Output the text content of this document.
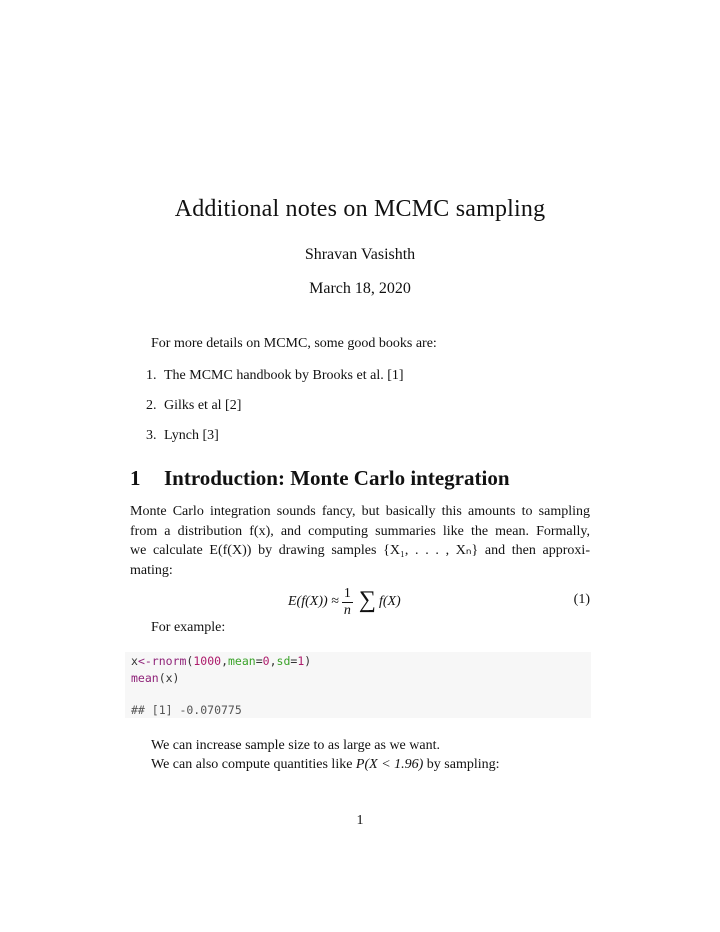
Additional notes on MCMC sampling
Shravan Vasishth
March 18, 2020
For more details on MCMC, some good books are:
1. The MCMC handbook by Brooks et al. [1]
2. Gilks et al [2]
3. Lynch [3]
1 Introduction: Monte Carlo integration
Monte Carlo integration sounds fancy, but basically this amounts to sampling
from a distribution f(x), and computing summaries like the mean. Formally,
we calculate E(f(X)) by drawing samples {X₁, . . . , Xₙ} and then approxi-
mating:
$E(f(X)) \approx \frac{1}{n}$ ∑ f(X)	(1)
For example:
x<-rnorm(1000,mean=0,sd=1)
mean(x)
## [1] -0.070775
We can increase sample size to as large as we want.
We can also compute quantities like P(X < 1.96) by sampling:
1
